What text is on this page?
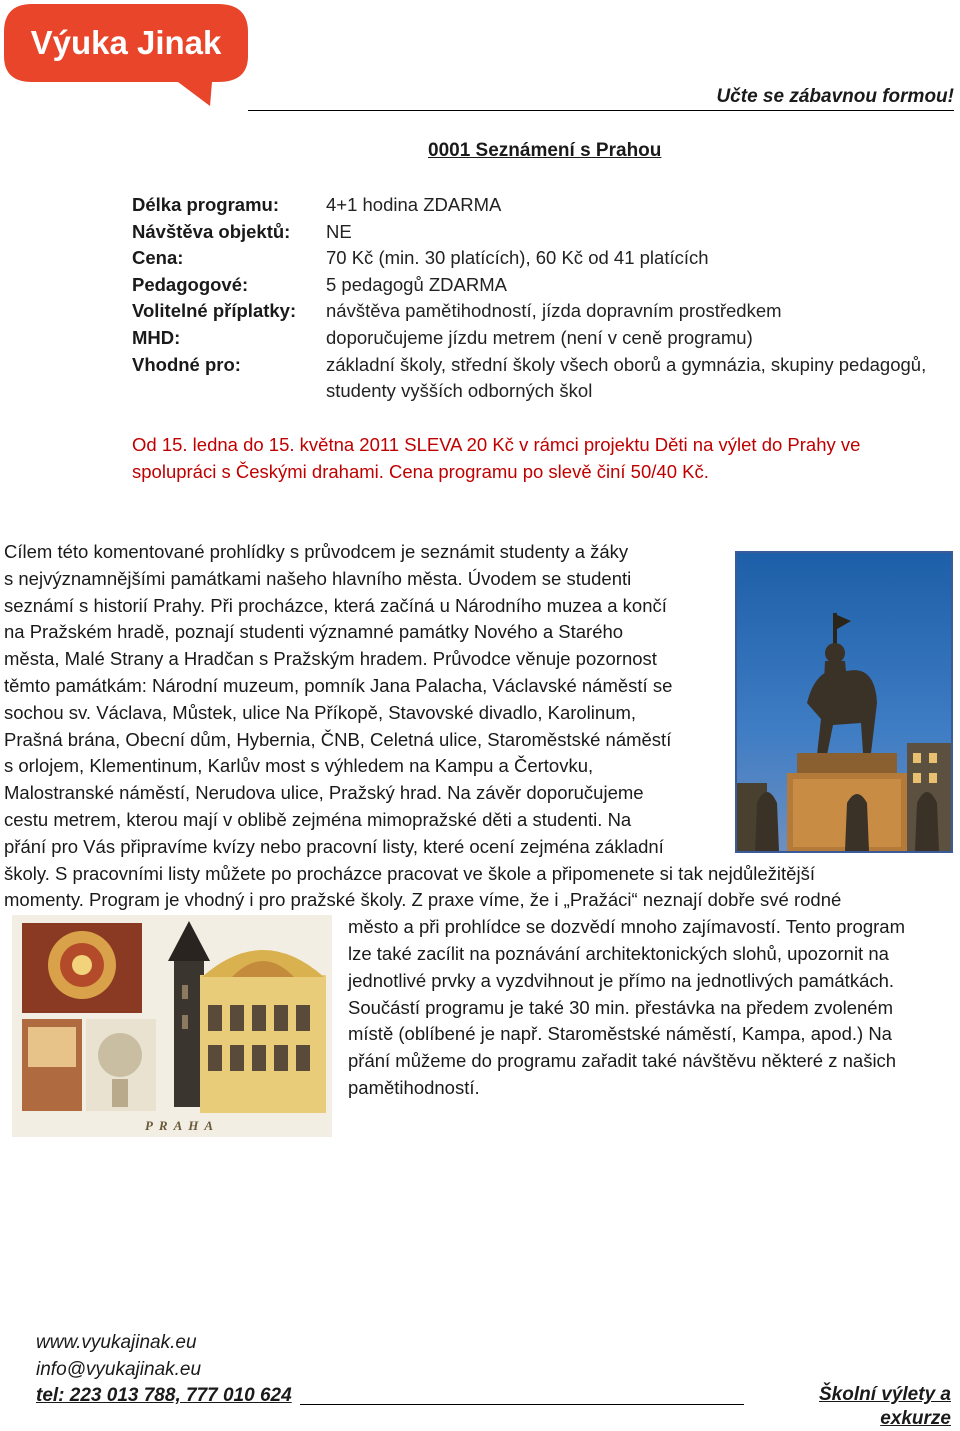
Výuka Jinak
Učte se zábavnou formou!
0001 Seznámení s Prahou
Délka programu:	4+1 hodina ZDARMA
Návštěva objektů:	NE
Cena:	70 Kč (min. 30 platících), 60 Kč od 41 platících
Pedagogové:	5 pedagogů ZDARMA
Volitelné příplatky:	návštěva pamětihodností, jízda dopravním prostředkem
MHD:	doporučujeme jízdu metrem (není v ceně programu)
Vhodné pro:	základní školy, střední školy všech oborů a gymnázia, skupiny pedagogů, studenty vyšších odborných škol
Od 15. ledna do 15. května 2011 SLEVA 20 Kč v rámci projektu Děti na výlet do Prahy ve spolupráci s Českými drahami. Cena programu po slevě činí 50/40 Kč.

Cílem této komentované prohlídky s průvodcem je seznámit studenty a žáky

s nejvýznamnějšími památkami našeho hlavního města. Úvodem se studenti

seznámí s historií Prahy. Při procházce, která začíná u Národního muzea a končí

na Pražském hradě, poznají studenti významné památky Nového a Starého

města, Malé Strany a Hradčan s Pražským hradem. Průvodce věnuje pozornost

těmto památkám: Národní muzeum, pomník Jana Palacha, Václavské náměstí se

sochou sv. Václava, Můstek, ulice Na Příkopě, Stavovské divadlo, Karolinum,

Prašná brána, Obecní dům, Hybernia, ČNB, Celetná ulice, Staroměstské náměstí

s orlojem, Klementinum, Karlův most s výhledem na Kampu a Čertovku,

Malostranské náměstí, Nerudova ulice, Pražský hrad. Na závěr doporučujeme

cestu metrem, kterou mají v oblibě zejména mimopražské děti a studenti. Na

přání pro Vás připravíme kvízy nebo pracovní listy, které ocení zejména základní

školy. S pracovními listy můžete po procházce pracovat ve škole a připomenete si tak nejdůležitější

momenty. Program je vhodný i pro pražské školy. Z praxe víme, že i „Pražáci“ neznají dobře své rodné

město a při prohlídce se dozvědí mnoho zajímavostí. Tento program

lze také zacílit na poznávání architektonických slohů, upozornit na

jednotlivé prvky a vyzdvihnout je přímo na jednotlivých památkách.

Součástí programu je také 30 min. přestávka na předem zvoleném

místě (oblíbené je např. Staroměstské náměstí, Kampa, apod.) Na

přání můžeme do programu zařadit také návštěvu některé z našich

pamětihodností.

PRAHA
www.vyukajinak.eu
info@vyukajinak.eu
tel: 223 013 788, 777 010 624	Školní výlety a exkurze
